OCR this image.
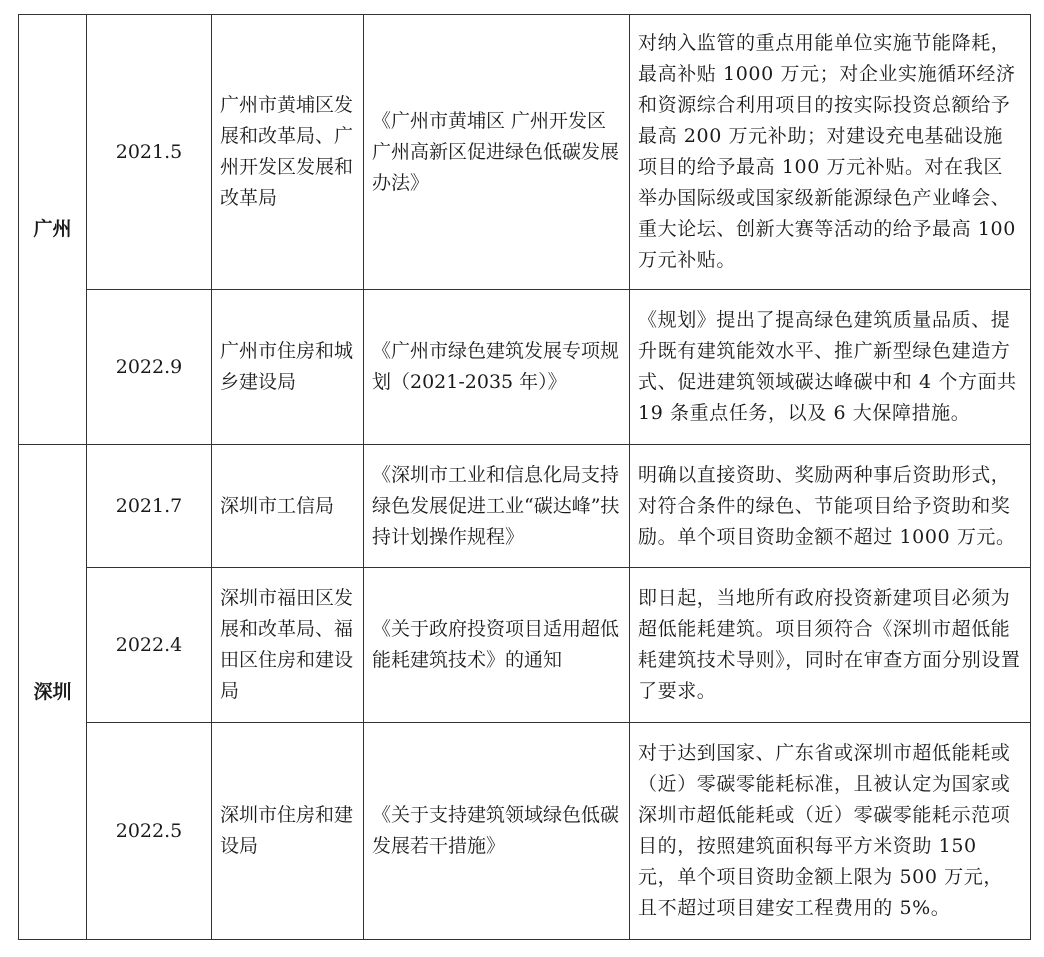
广州	2021.5	广州市黄埔区发展和改革局、广州开发区发展和改革局	《广州市黄埔区 广州开发区 广州高新区促进绿色低碳发展办法》	对纳入监管的重点用能单位实施节能降耗，最高补贴 1000 万元；对企业实施循环经济和资源综合利用项目的按实际投资总额给予最高 200 万元补助；对建设充电基础设施项目的给予最高 100 万元补贴。对在我区举办国际级或国家级新能源绿色产业峰会、重大论坛、创新大赛等活动的给予最高 100 万元补贴。
	2022.9	广州市住房和城乡建设局	《广州市绿色建筑发展专项规划（2021-2035 年）》	《规划》提出了提高绿色建筑质量品质、提升既有建筑能效水平、推广新型绿色建造方式、促进建筑领域碳达峰碳中和 4 个方面共 19 条重点任务，以及 6 大保障措施。
深圳	2021.7	深圳市工信局	《深圳市工业和信息化局支持绿色发展促进工业“碳达峰”扶持计划操作规程》	明确以直接资助、奖励两种事后资助形式，对符合条件的绿色、节能项目给予资助和奖励。单个项目资助金额不超过 1000 万元。
	2022.4	深圳市福田区发展和改革局、福田区住房和建设局	《关于政府投资项目适用超低能耗建筑技术》的通知	即日起，当地所有政府投资新建项目必须为超低能耗建筑。项目须符合《深圳市超低能耗建筑技术导则》，同时在审查方面分别设置了要求。
	2022.5	深圳市住房和建设局	《关于支持建筑领域绿色低碳发展若干措施》	对于达到国家、广东省或深圳市超低能耗或（近）零碳零能耗标准，且被认定为国家或深圳市超低能耗或（近）零碳零能耗示范项目的，按照建筑面积每平方米资助 150 元，单个项目资助金额上限为 500 万元，且不超过项目建安工程费用的 5%。
